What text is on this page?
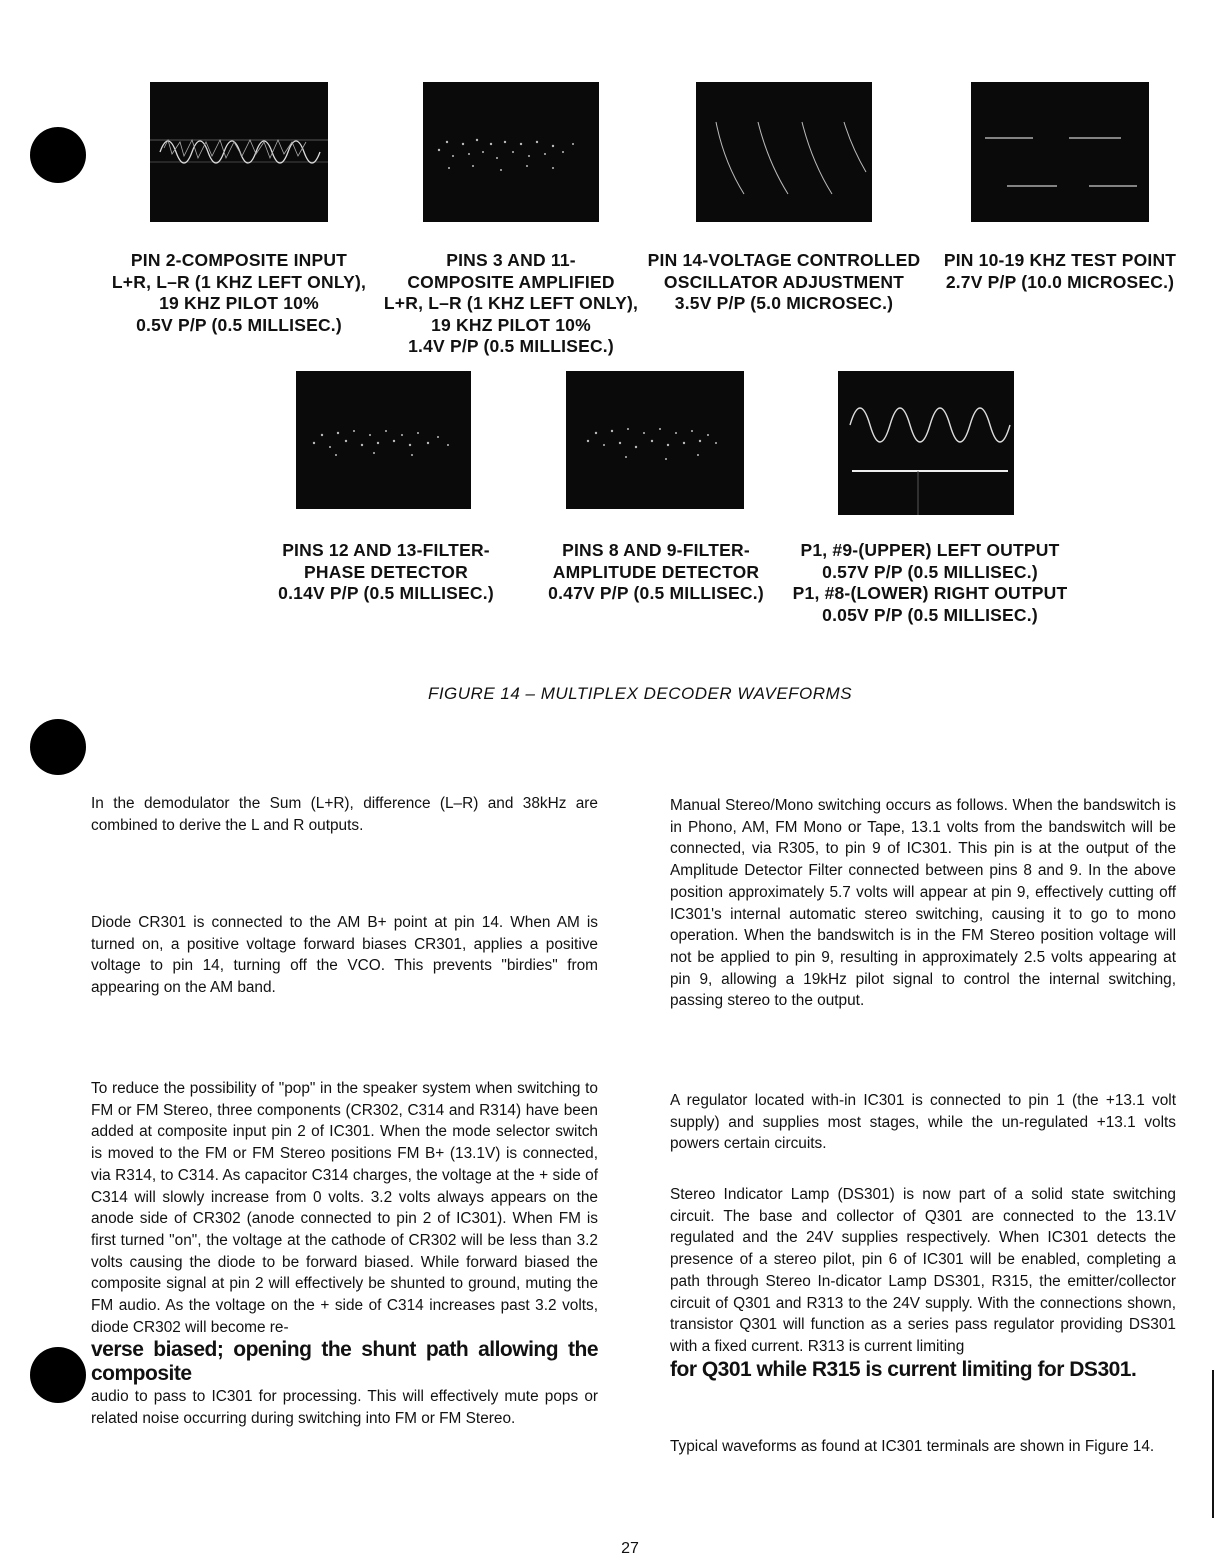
PIN 2-COMPOSITE INPUT
L+R, L–R (1 KHZ LEFT ONLY),
19 KHZ PILOT 10%
0.5V P/P (0.5 MILLISEC.)
PINS 3 AND 11-
COMPOSITE AMPLIFIED
L+R, L–R (1 KHZ LEFT ONLY),
19 KHZ PILOT 10%
1.4V P/P (0.5 MILLISEC.)
PIN 14-VOLTAGE CONTROLLED
OSCILLATOR ADJUSTMENT
3.5V P/P (5.0 MICROSEC.)
PIN 10-19 KHZ TEST POINT
2.7V P/P (10.0 MICROSEC.)
PINS 12 AND 13-FILTER-
PHASE DETECTOR
0.14V P/P (0.5 MILLISEC.)
PINS 8 AND 9-FILTER-
AMPLITUDE DETECTOR
0.47V P/P (0.5 MILLISEC.)
P1, #9-(UPPER) LEFT OUTPUT
0.57V P/P (0.5 MILLISEC.)
P1, #8-(LOWER) RIGHT OUTPUT
0.05V P/P (0.5 MILLISEC.)
FIGURE 14 – MULTIPLEX DECODER WAVEFORMS

In the demodulator the Sum (L+R), difference (L–R) and 38kHz are combined to derive the L and R outputs.

Diode CR301 is connected to the AM B+ point at pin 14. When AM is turned on, a positive voltage forward biases CR301, applies a positive voltage to pin 14, turning off the VCO. This prevents "birdies" from appearing on the AM band.

To reduce the possibility of "pop" in the speaker system when switching to FM or FM Stereo, three components (CR302, C314 and R314) have been added at composite input pin 2 of IC301. When the mode selector switch is moved to the FM or FM Stereo positions FM B+ (13.1V) is connected, via R314, to C314. As capacitor C314 charges, the voltage at the + side of C314 will slowly increase from 0 volts. 3.2 volts always appears on the anode side of CR302 (anode connected to pin 2 of IC301). When FM is first turned "on", the voltage at the cathode of CR302 will be less than 3.2 volts causing the diode to be forward biased. While forward biased the composite signal at pin 2 will effectively be shunted to ground, muting the FM audio. As the voltage on the + side of C314 increases past 3.2 volts, diode CR302 will become re-

verse biased; opening the shunt path allowing the composite

audio to pass to IC301 for processing. This will effectively mute pops or related noise occurring during switching into FM or FM Stereo.

Manual Stereo/Mono switching occurs as follows. When the bandswitch is in Phono, AM, FM Mono or Tape, 13.1 volts from the bandswitch will be connected, via R305, to pin 9 of IC301. This pin is at the output of the Amplitude Detector Filter connected between pins 8 and 9. In the above position approximately 5.7 volts will appear at pin 9, effectively cutting off IC301's internal automatic stereo switching, causing it to go to mono operation. When the bandswitch is in the FM Stereo position voltage will not be applied to pin 9, resulting in approximately 2.5 volts appearing at pin 9, allowing a 19kHz pilot signal to control the internal switching, passing stereo to the output.

A regulator located with-in IC301 is connected to pin 1 (the +13.1 volt supply) and supplies most stages, while the un-regulated +13.1 volts powers certain circuits.

Stereo Indicator Lamp (DS301) is now part of a solid state switching circuit. The base and collector of Q301 are connected to the 13.1V regulated and the 24V supplies respectively. When IC301 detects the presence of a stereo pilot, pin 6 of IC301 will be enabled, completing a path through Stereo In-dicator Lamp DS301, R315, the emitter/collector circuit of Q301 and R313 to the 24V supply. With the connections shown, transistor Q301 will function as a series pass regulator providing DS301 with a fixed current. R313 is current limiting

for Q301 while R315 is current limiting for DS301.

Typical waveforms as found at IC301 terminals are shown in Figure 14.

27
